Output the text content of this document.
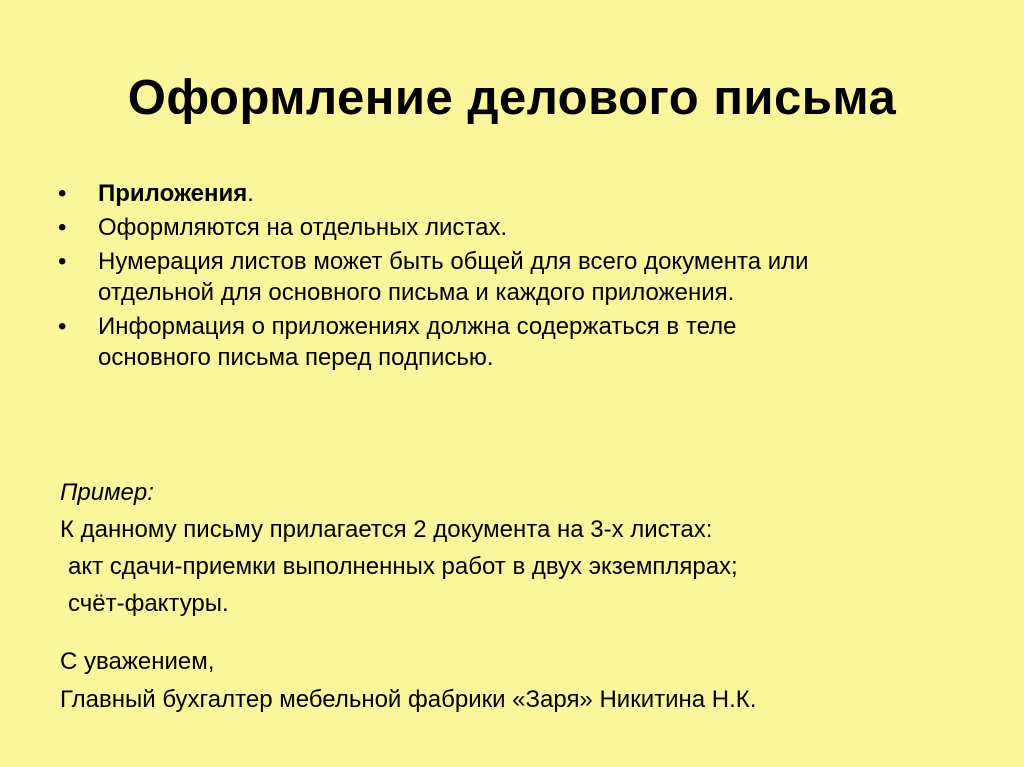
Оформление делового письма
•	Приложения.
•	Оформляются на отдельных листах.
•	Нумерация листов может быть общей для всего документа или
отдельной для основного письма и каждого приложения.
•	Информация о приложениях должна содержаться в теле
основного письма перед подписью.
Пример:
К данному письму прилагается 2 документа на 3-х листах:
акт сдачи-приемки выполненных работ в двух экземплярах;
счёт-фактуры.
С уважением,
Главный бухгалтер мебельной фабрики «Заря» Никитина Н.К.
